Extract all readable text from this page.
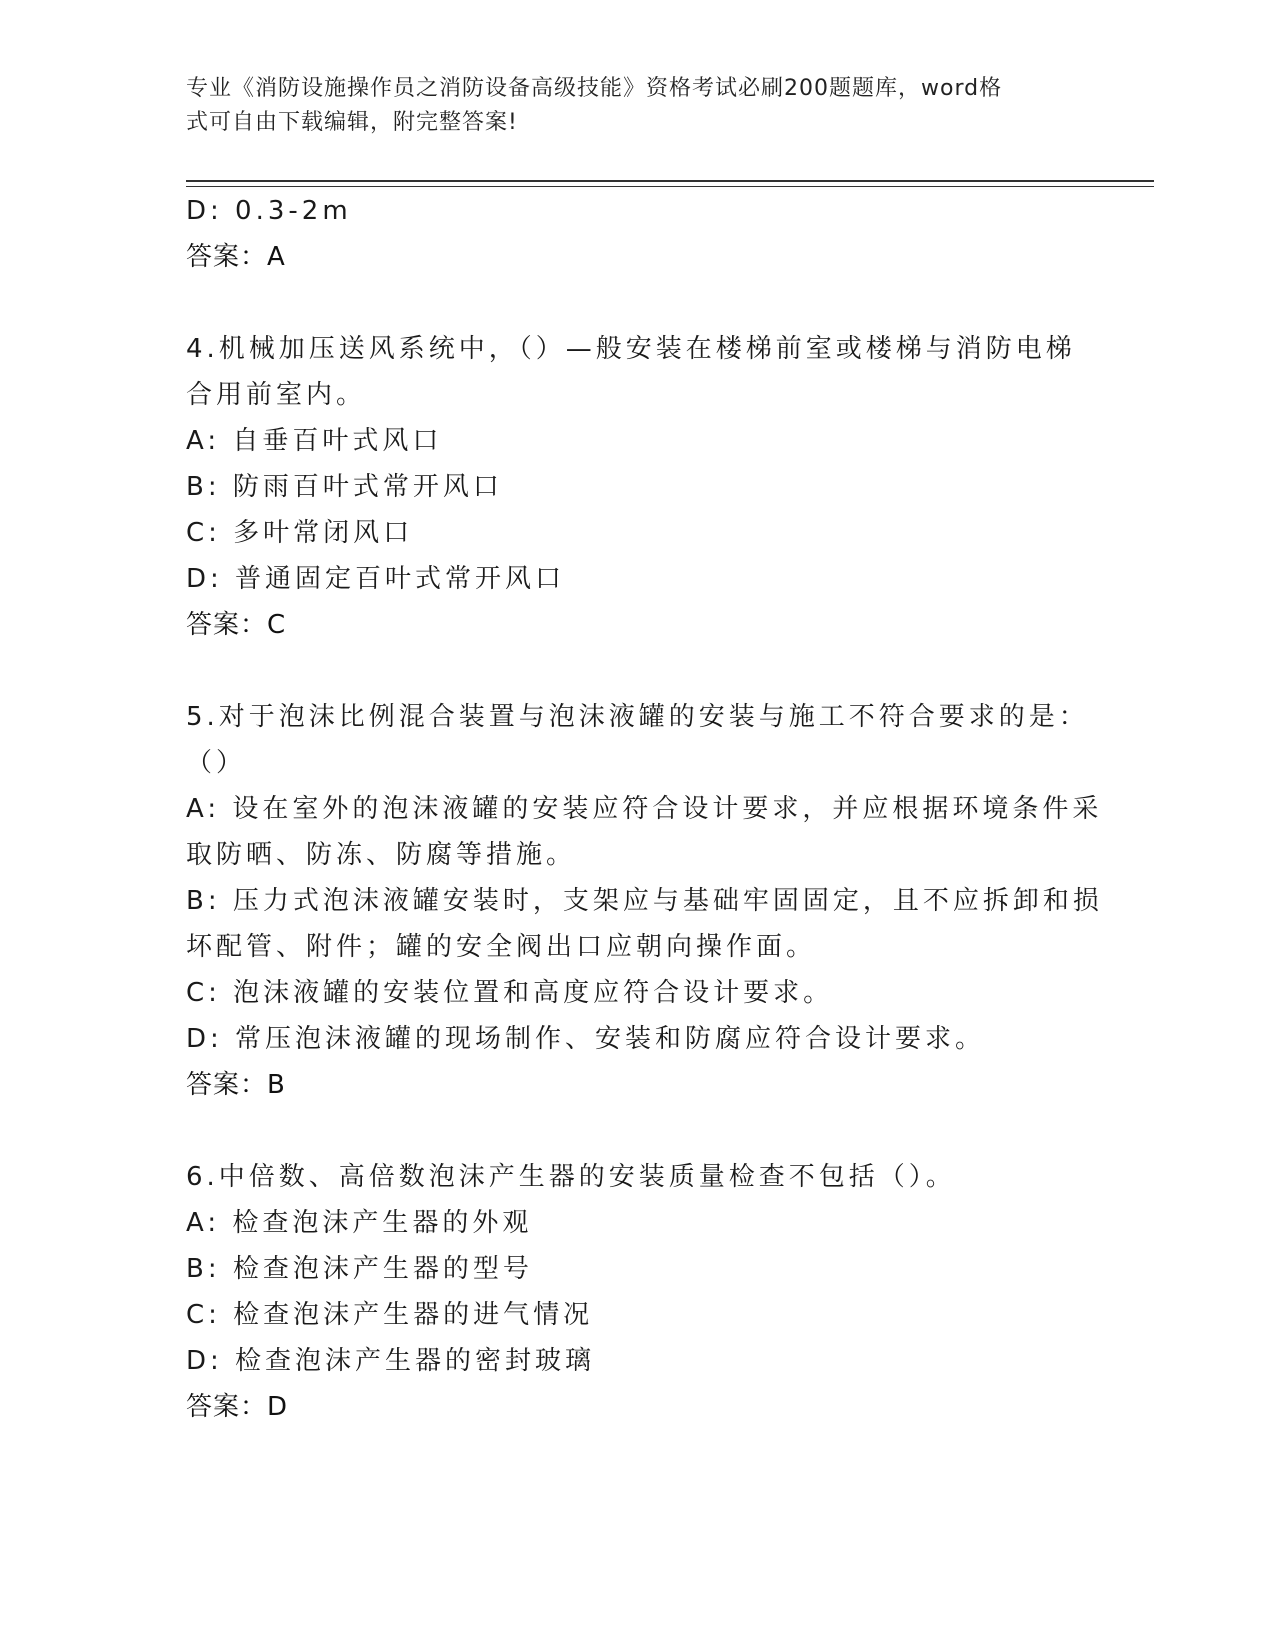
专业《消防设施操作员之消防设备高级技能》资格考试必刷200题题库，word格
式可自由下载编辑，附完整答案!
D: 0.3-2m
答案：A
4.机械加压送风系统中，（）—般安装在楼梯前室或楼梯与消防电梯
合用前室内。
A: 自垂百叶式风口
B: 防雨百叶式常开风口
C: 多叶常闭风口
D: 普通固定百叶式常开风口
答案：C
5.对于泡沫比例混合装置与泡沫液罐的安装与施工不符合要求的是：
（）
A: 设在室外的泡沫液罐的安装应符合设计要求，并应根据环境条件采
取防晒、防冻、防腐等措施。
B: 压力式泡沫液罐安装时，支架应与基础牢固固定，且不应拆卸和损
坏配管、附件；罐的安全阀出口应朝向操作面。
C: 泡沫液罐的安装位置和高度应符合设计要求。
D: 常压泡沫液罐的现场制作、安装和防腐应符合设计要求。
答案：B
6.中倍数、高倍数泡沫产生器的安装质量检查不包括（）。
A: 检查泡沫产生器的外观
B: 检查泡沫产生器的型号
C: 检查泡沫产生器的进气情况
D: 检查泡沫产生器的密封玻璃
答案：D
